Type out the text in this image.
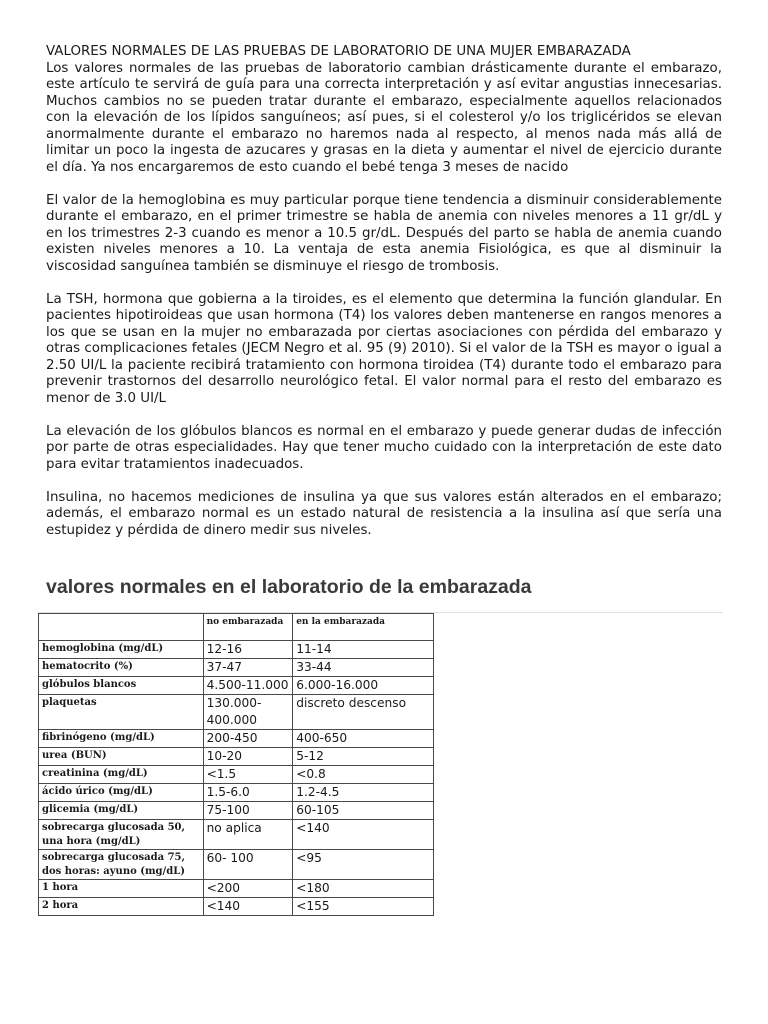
VALORES NORMALES DE LAS PRUEBAS DE LABORATORIO DE UNA MUJER EMBARAZADA

Los valores normales de las pruebas de laboratorio cambian drásticamente durante el embarazo, este artículo te servirá de guía para una correcta interpretación y así evitar angustias innecesarias. Muchos cambios no se pueden tratar durante el embarazo, especialmente aquellos relacionados con la elevación de los lípidos sanguíneos; así pues, si el colesterol y/o los triglicéridos se elevan anormalmente durante el embarazo no haremos nada al respecto, al menos nada más allá de limitar un poco la ingesta de azucares y grasas en la dieta y aumentar el nivel de ejercicio durante el día. Ya nos encargaremos de esto cuando el bebé tenga 3 meses de nacido

El valor de la hemoglobina es muy particular porque tiene tendencia a disminuir considerablemente durante el embarazo, en el primer trimestre se habla de anemia con niveles menores a 11 gr/dL y en los trimestres 2-3 cuando es menor a 10.5 gr/dL. Después del parto se habla de anemia cuando existen niveles menores a 10. La ventaja de esta anemia Fisiológica, es que al disminuir la viscosidad sanguínea también se disminuye el riesgo de trombosis.

La TSH, hormona que gobierna a la tiroides, es el elemento que determina la función glandular. En pacientes hipotiroideas que usan hormona (T4) los valores deben mantenerse en rangos menores a los que se usan en la mujer no embarazada por ciertas asociaciones con pérdida del embarazo y otras complicaciones fetales (JECM Negro et al. 95 (9) 2010). Si el valor de la TSH es mayor o igual a 2.50 UI/L la paciente recibirá tratamiento con hormona tiroidea (T4) durante todo el embarazo para prevenir trastornos del desarrollo neurológico fetal. El valor normal para el resto del embarazo es menor de 3.0 UI/L

La elevación de los glóbulos blancos es normal en el embarazo y puede generar dudas de infección por parte de otras especialidades. Hay que tener mucho cuidado con la interpretación de este dato para evitar tratamientos inadecuados.

Insulina, no hacemos mediciones de insulina ya que sus valores están alterados en el embarazo; además, el embarazo normal es un estado natural de resistencia a la insulina así que sería una estupidez y pérdida de dinero medir sus niveles.

valores normales en el laboratorio de la embarazada
	no embarazada	en la embarazada
hemoglobina (mg/dL)	12-16	11-14
hematocrito (%)	37-47	33-44
glóbulos blancos	4.500-11.000	6.000-16.000
plaquetas	130.000-400.000	discreto descenso
fibrinógeno (mg/dL)	200-450	400-650
urea (BUN)	10-20	5-12
creatinina (mg/dL)	<1.5	<0.8
ácido úrico (mg/dL)	1.5-6.0	1.2-4.5
glicemia (mg/dL)	75-100	60-105
sobrecarga glucosada 50, una hora (mg/dL)	no aplica	<140
sobrecarga glucosada 75, dos horas: ayuno (mg/dL)	60- 100	<95
1 hora	<200	<180
2 hora	<140	<155
